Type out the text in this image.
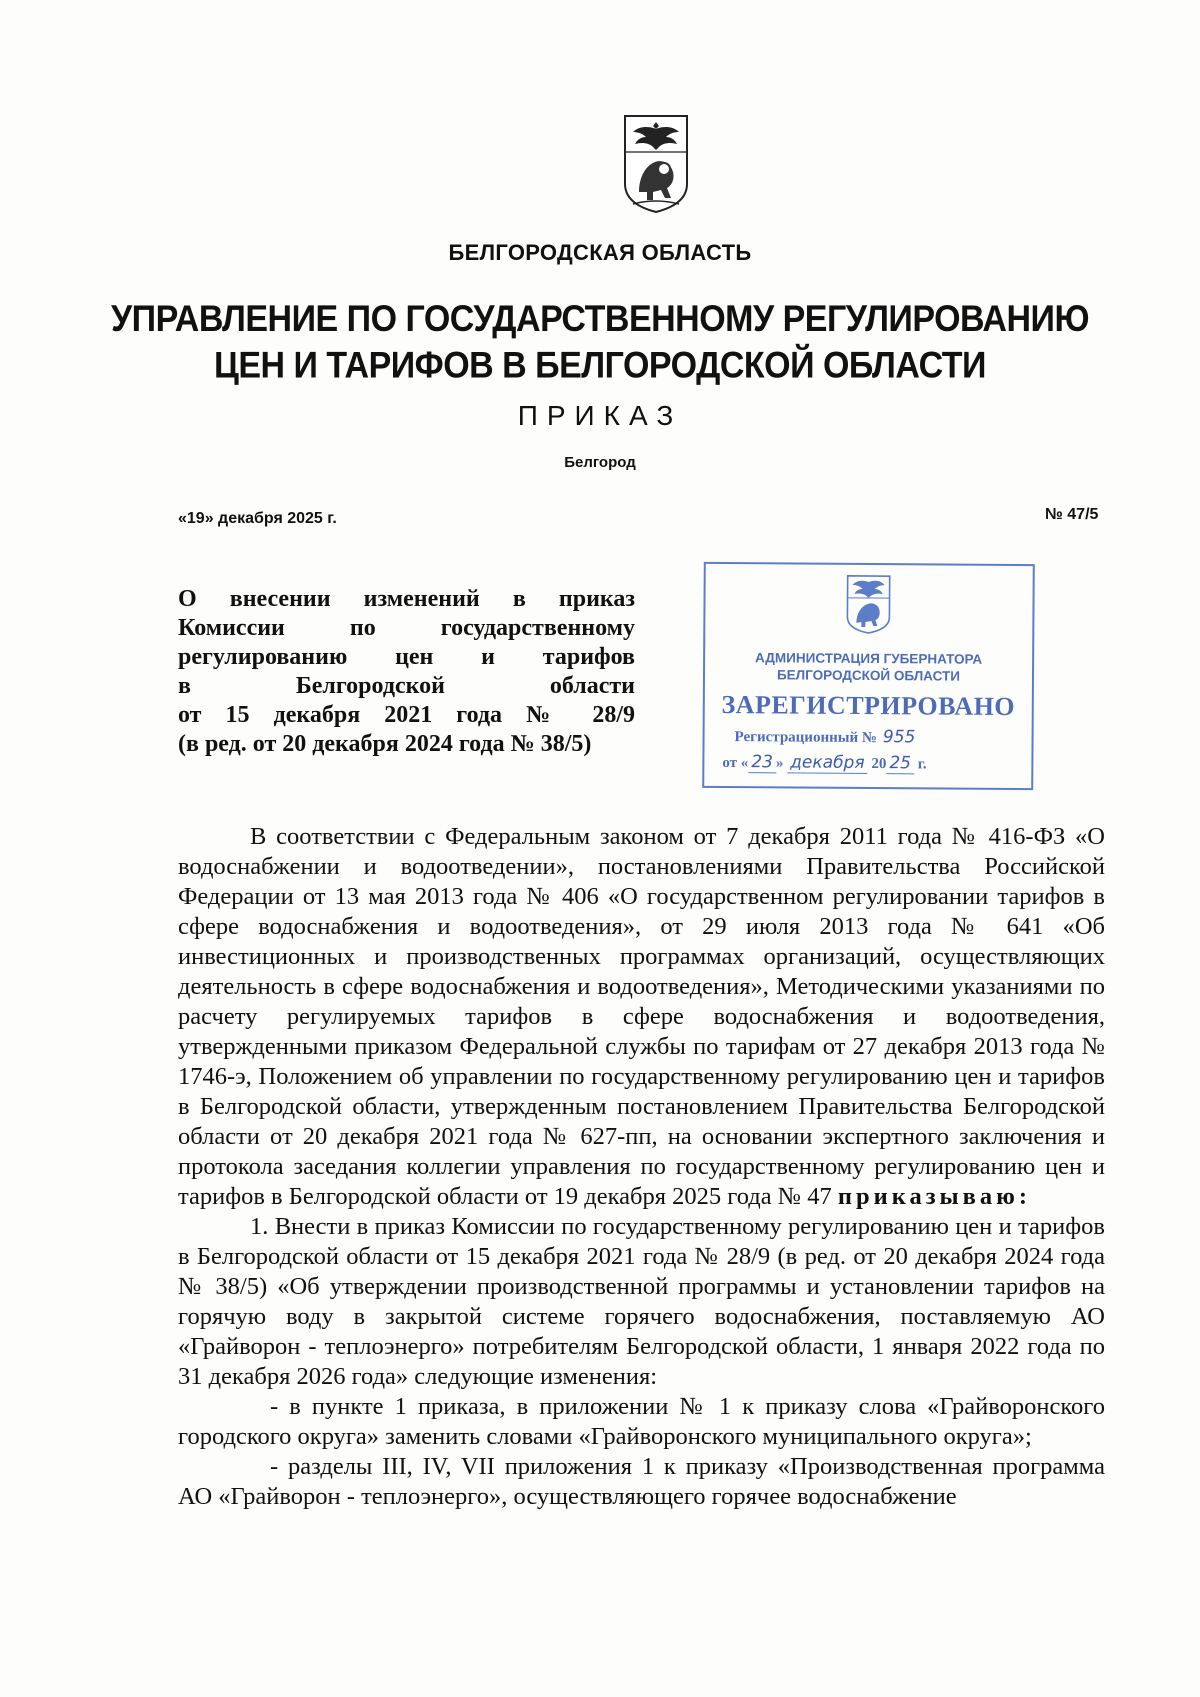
БЕЛГОРОДСКАЯ ОБЛАСТЬ
УПРАВЛЕНИЕ ПО ГОСУДАРСТВЕННОМУ РЕГУЛИРОВАНИЮ
ЦЕН И ТАРИФОВ В БЕЛГОРОДСКОЙ ОБЛАСТИ
ПРИКАЗ
Белгород
«19» декабря 2025 г.	№ 47/5
О внесении изменений в приказ
Комиссии по государственному
регулированию цен и тарифов
в Белгородской области
от 15 декабря 2021 года № 28/9
(в ред. от 20 декабря 2024 года № 38/5)
АДМИНИСТРАЦИЯ ГУБЕРНАТОРА
БЕЛГОРОДСКОЙ ОБЛАСТИ
ЗАРЕГИСТРИРОВАНО
Регистрационный № 955
от « 23 » декабря 20 25 г.

В соответствии с Федеральным законом от 7 декабря 2011 года № 416-ФЗ «О водоснабжении и водоотведении», постановлениями Правительства Российской Федерации от 13 мая 2013 года № 406 «О государственном регулировании тарифов в сфере водоснабжения и водоотведения», от 29 июля 2013 года № 641 «Об инвестиционных и производственных программах организаций, осуществляющих деятельность в сфере водоснабжения и водоотведения», Методическими указаниями по расчету регулируемых тарифов в сфере водоснабжения и водоотведения, утвержденными приказом Федеральной службы по тарифам от 27 декабря 2013 года № 1746-э, Положением об управлении по государственному регулированию цен и тарифов в Белгородской области, утвержденным постановлением Правительства Белгородской области от 20 декабря 2021 года № 627-пп, на основании экспертного заключения и протокола заседания коллегии управления по государственному регулированию цен и тарифов в Белгородской области от 19 декабря 2025 года № 47 приказываю:

1. Внести в приказ Комиссии по государственному регулированию цен и тарифов в Белгородской области от 15 декабря 2021 года № 28/9 (в ред. от 20 декабря 2024 года № 38/5) «Об утверждении производственной программы и установлении тарифов на горячую воду в закрытой системе горячего водоснабжения, поставляемую АО «Грайворон - теплоэнерго» потребителям Белгородской области, 1 января 2022 года по 31 декабря 2026 года» следующие изменения:

- в пункте 1 приказа, в приложении № 1 к приказу слова «Грайворонского городского округа» заменить словами «Грайворонского муниципального округа»;

- разделы III, IV, VII приложения 1 к приказу «Производственная программа АО «Грайворон - теплоэнерго», осуществляющего горячее водоснабжение
